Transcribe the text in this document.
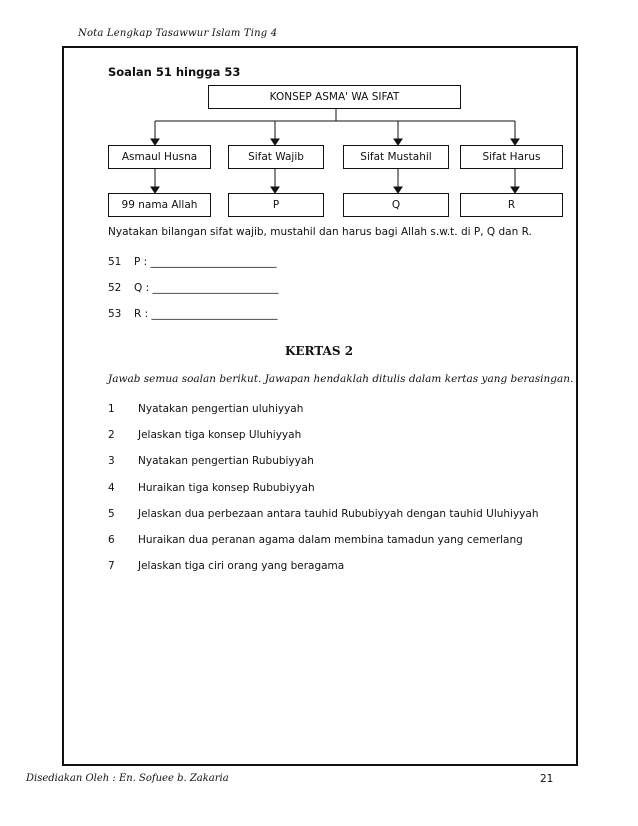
Nota Lengkap Tasawwur Islam Ting 4
Soalan 51 hingga 53
KONSEP ASMA' WA SIFAT
Asmaul Husna	Sifat Wajib	Sifat Mustahil	Sifat Harus
99 nama Allah	P	Q	R
Nyatakan bilangan sifat wajib, mustahil dan harus bagi Allah s.w.t. di P, Q dan R.
51 P : ________________________
52 Q : ________________________
53 R : ________________________
KERTAS 2
Jawab semua soalan berikut. Jawapan hendaklah ditulis dalam kertas yang berasingan.
1 Nyatakan pengertian uluhiyyah
2 Jelaskan tiga konsep Uluhiyyah
3 Nyatakan pengertian Rububiyyah
4 Huraikan tiga konsep Rububiyyah
5 Jelaskan dua perbezaan antara tauhid Rububiyyah dengan tauhid Uluhiyyah
6 Huraikan dua peranan agama dalam membina tamadun yang cemerlang
7 Jelaskan tiga ciri orang yang beragama
Disediakan Oleh : En. Sofuee b. Zakaria	21
